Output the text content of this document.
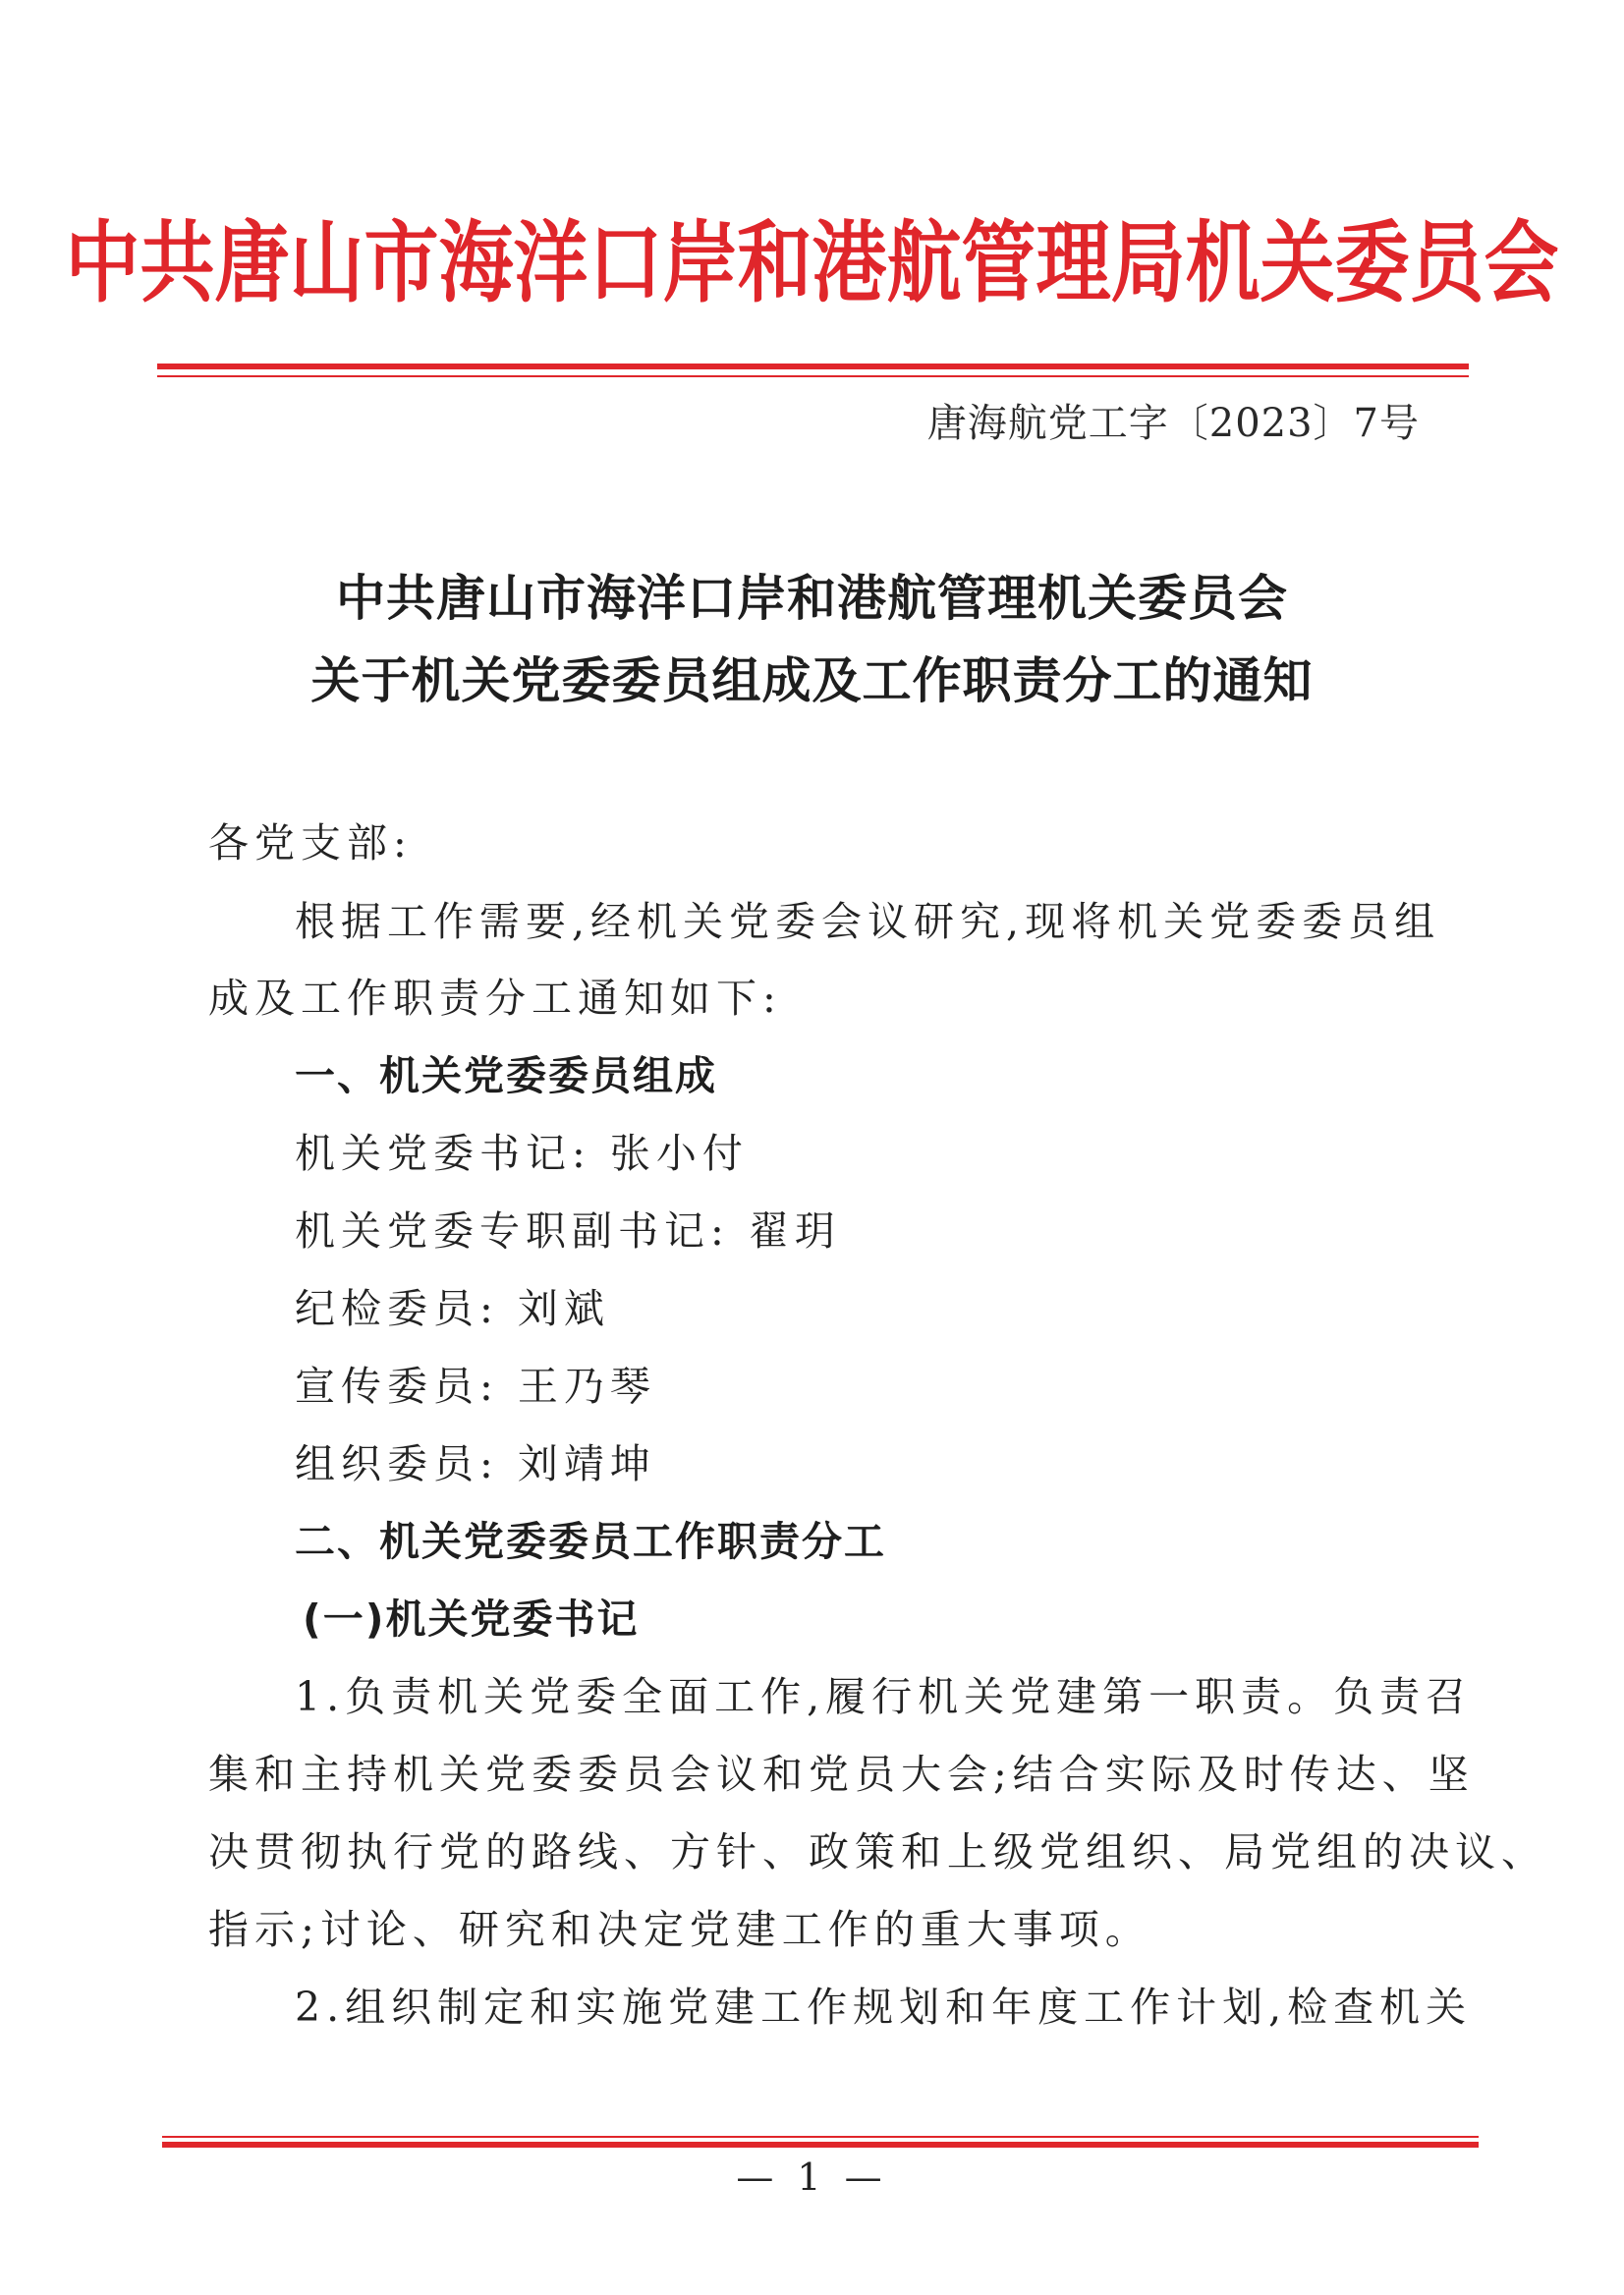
中共唐山市海洋口岸和港航管理局机关委员会
唐海航党工字〔2023〕7号
中共唐山市海洋口岸和港航管理机关委员会
关于机关党委委员组成及工作职责分工的通知
各党支部:
根据工作需要,经机关党委会议研究,现将机关党委委员组
成及工作职责分工通知如下:
一、机关党委委员组成
机关党委书记: 张小付
机关党委专职副书记: 翟玥
纪检委员: 刘斌
宣传委员: 王乃琴
组织委员: 刘靖坤
二、机关党委委员工作职责分工
(一)机关党委书记
1.负责机关党委全面工作,履行机关党建第一职责。负责召
集和主持机关党委委员会议和党员大会;结合实际及时传达、坚
决贯彻执行党的路线、方针、政策和上级党组织、局党组的决议、
指示;讨论、研究和决定党建工作的重大事项。
2.组织制定和实施党建工作规划和年度工作计划,检查机关
— 1 —
